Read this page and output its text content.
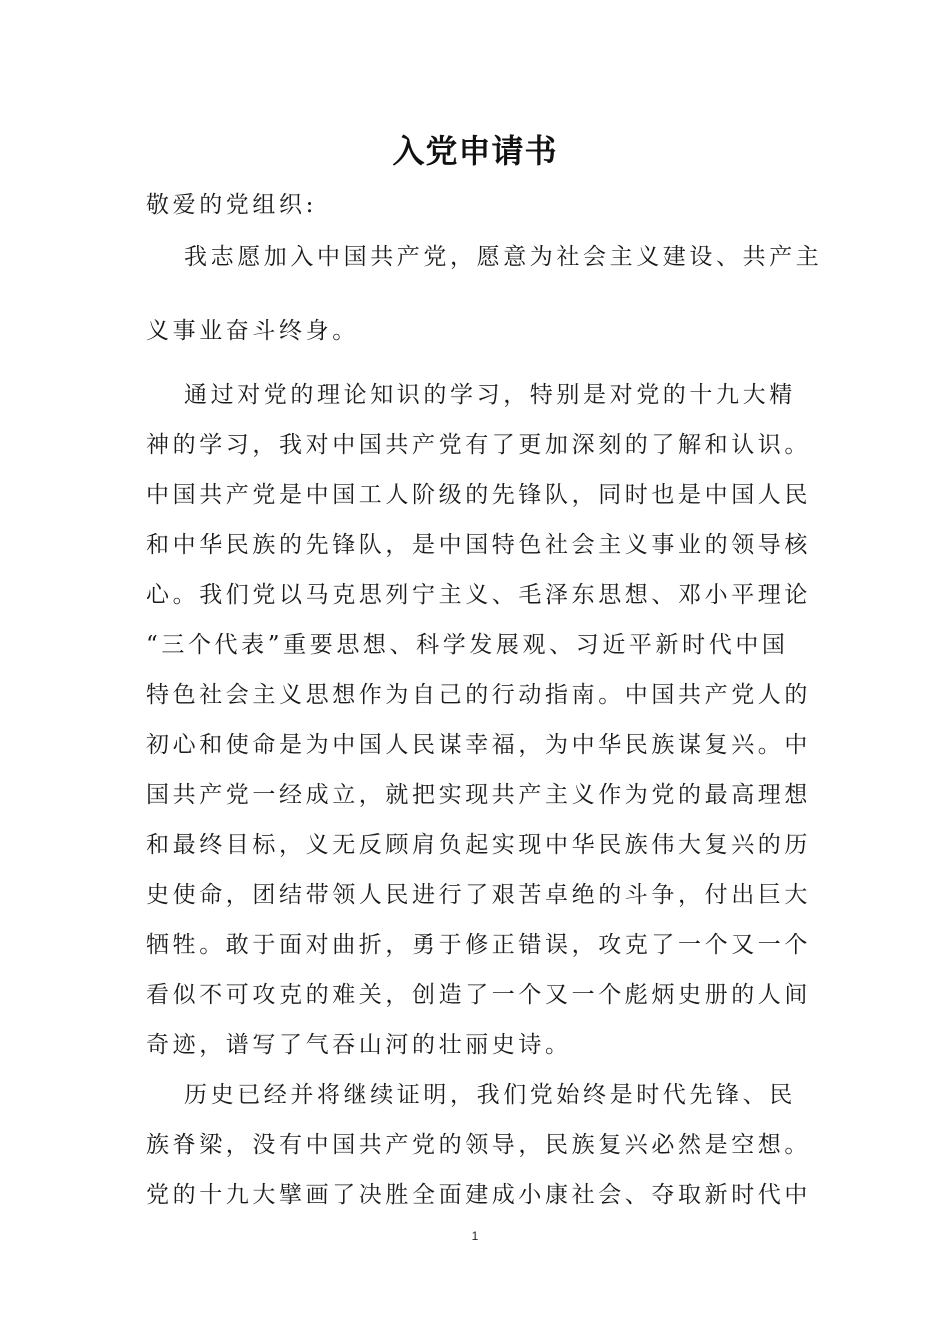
入党申请书
敬爱的党组织:
我志愿加入中国共产党，愿意为社会主义建设、共产主
义事业奋斗终身。
通过对党的理论知识的学习，特别是对党的十九大精
神的学习，我对中国共产党有了更加深刻的了解和认识。
中国共产党是中国工人阶级的先锋队，同时也是中国人民
和中华民族的先锋队，是中国特色社会主义事业的领导核
心。我们党以马克思列宁主义、毛泽东思想、邓小平理论
“三个代表”重要思想、科学发展观、习近平新时代中国
特色社会主义思想作为自己的行动指南。中国共产党人的
初心和使命是为中国人民谋幸福，为中华民族谋复兴。中
国共产党一经成立，就把实现共产主义作为党的最高理想
和最终目标，义无反顾肩负起实现中华民族伟大复兴的历
史使命，团结带领人民进行了艰苦卓绝的斗争，付出巨大
牺牲。敢于面对曲折，勇于修正错误，攻克了一个又一个
看似不可攻克的难关，创造了一个又一个彪炳史册的人间
奇迹，谱写了气吞山河的壮丽史诗。
历史已经并将继续证明，我们党始终是时代先锋、民
族脊梁，没有中国共产党的领导，民族复兴必然是空想。
党的十九大擘画了决胜全面建成小康社会、夺取新时代中
1
